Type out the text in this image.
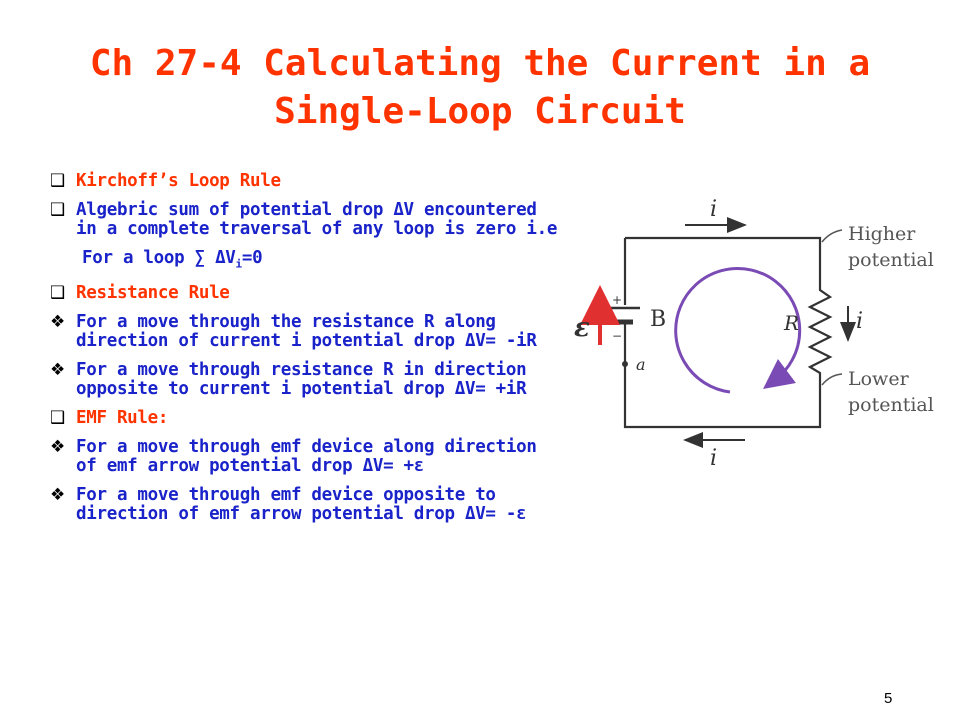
Ch 27-4 Calculating the Current in a
Single-Loop Circuit
❑ Kirchoff’s Loop Rule
❑ Algebric sum of potential drop ΔV encountered in a complete traversal of any loop is zero i.e
For a loop ∑ $\Delta V_i=0$
❑ Resistance Rule
❖ For a move through the resistance R along direction of current i potential drop ΔV= -iR
❖ For a move through resistance R in direction opposite to current i potential drop ΔV= +iR
❑ EMF Rule:
❖ For a move through emf device along direction of emf arrow potential drop ΔV= +ε
❖ For a move through emf device opposite to direction of emf arrow potential drop ΔV= -ε
i
i
i
ε
+
−
B
a
R
Higher
potential
Lower
potential
5
